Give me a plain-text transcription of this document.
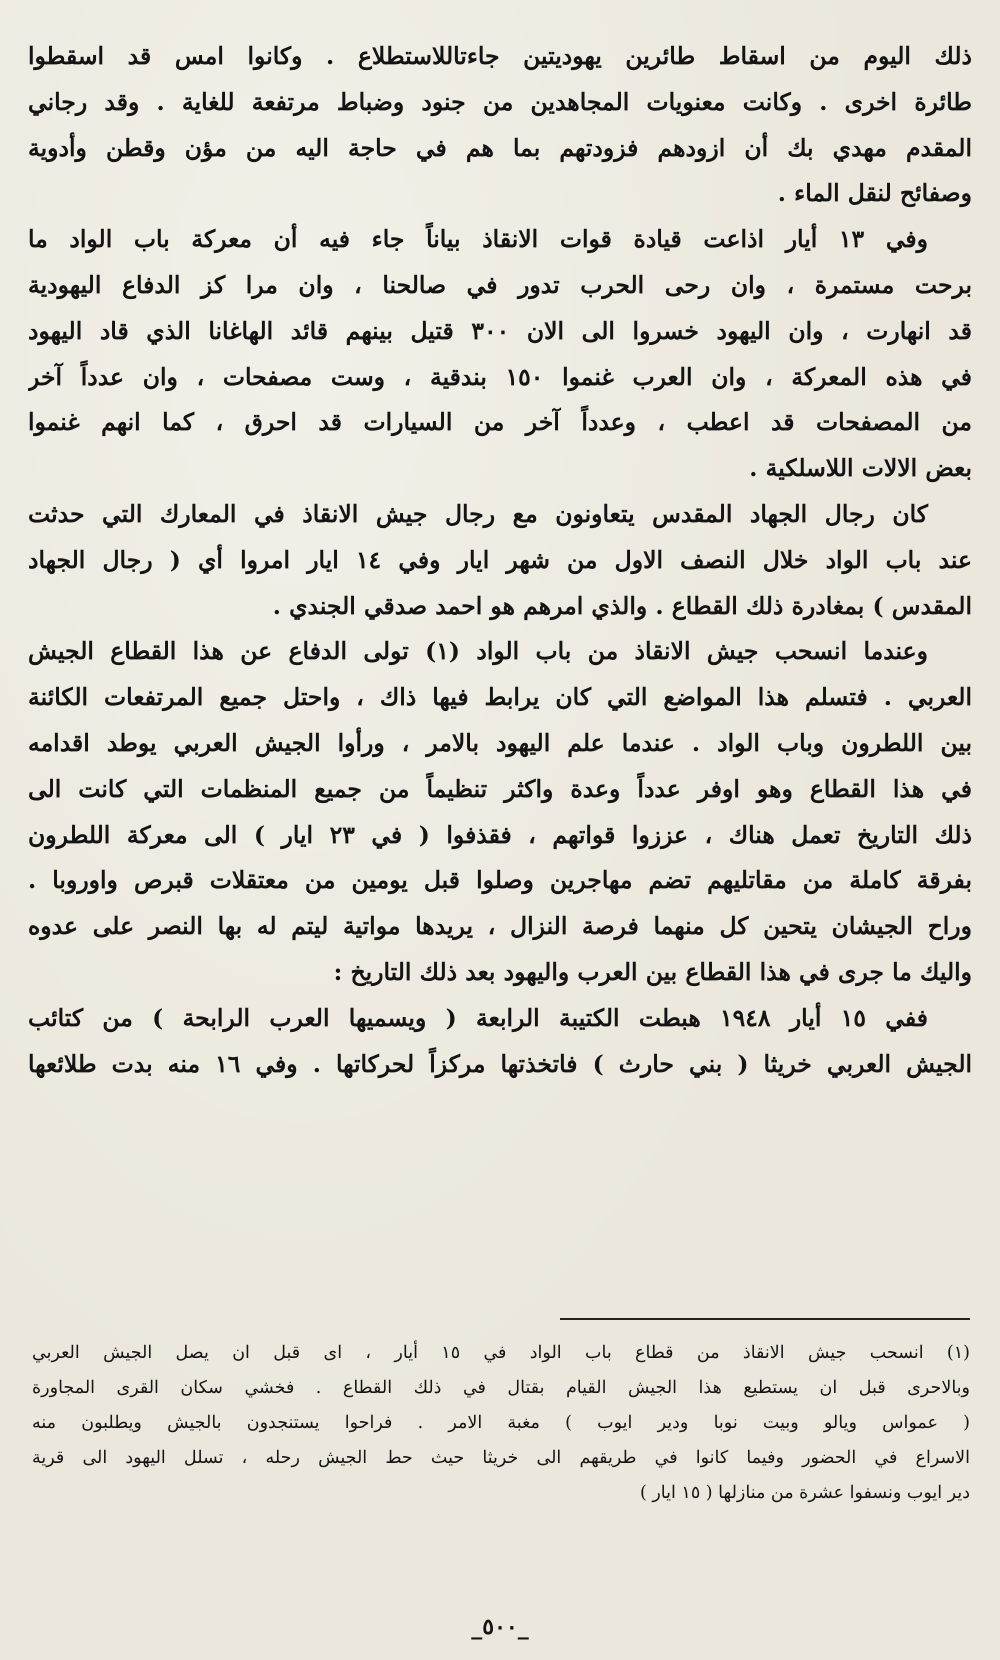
ذلك اليوم من اسقاط طائرين يهوديتين جاءتاللاستطلاع . وكانوا امس قد اسقطوا
طائرة اخرى . وكانت معنويات المجاهدين من جنود وضباط مرتفعة للغاية . وقد رجاني
المقدم مهدي بك أن ازودهم فزودتهم بما هم في حاجة اليه من مؤن وقطن وأدوية
وصفائح لنقل الماء .
وفي ١٣ أيار اذاعت قيادة قوات الانقاذ بياناً جاء فيه أن معركة باب الواد ما
برحت مستمرة ، وان رحى الحرب تدور في صالحنا ، وان مرا كز الدفاع اليهودية
قد انهارت ، وان اليهود خسروا الى الان ٣٠٠ قتيل بينهم قائد الهاغانا الذي قاد اليهود
في هذه المعركة ، وان العرب غنموا ١٥٠ بندقية ، وست مصفحات ، وان عدداً آخر
من المصفحات قد اعطب ، وعدداً آخر من السيارات قد احرق ، كما انهم غنموا
بعض الالات اللاسلكية .
كان رجال الجهاد المقدس يتعاونون مع رجال جيش الانقاذ في المعارك التي حدثت
عند باب الواد خلال النصف الاول من شهر ايار وفي ١٤ ايار امروا أي ( رجال الجهاد
المقدس ) بمغادرة ذلك القطاع . والذي امرهم هو احمد صدقي الجندي .
وعندما انسحب جيش الانقاذ من باب الواد (١) تولى الدفاع عن هذا القطاع الجيش
العربي . فتسلم هذا المواضع التي كان يرابط فيها ذاك ، واحتل جميع المرتفعات الكائنة
بين اللطرون وباب الواد . عندما علم اليهود بالامر ، ورأوا الجيش العربي يوطد اقدامه
في هذا القطاع وهو اوفر عدداً وعدة واكثر تنظيماً من جميع المنظمات التي كانت الى
ذلك التاريخ تعمل هناك ، عززوا قواتهم ، فقذفوا ( في ٢٣ ايار ) الى معركة اللطرون
بفرقة كاملة من مقاتليهم تضم مهاجرين وصلوا قبل يومين من معتقلات قبرص واوروبا .
وراح الجيشان يتحين كل منهما فرصة النزال ، يريدها مواتية ليتم له بها النصر على عدوه
واليك ما جرى في هذا القطاع بين العرب واليهود بعد ذلك التاريخ :
ففي ١٥ أيار ١٩٤٨ هبطت الكتيبة الرابعة ( ويسميها العرب الرابحة ) من كتائب
الجيش العربي خريثا ( بني حارث ) فاتخذتها مركزاً لحركاتها . وفي ١٦ منه بدت طلائعها
(١) انسحب جيش الانقاذ من قطاع باب الواد في ١٥ أيار ، اى قبل ان يصل الجيش العربي
وبالاحرى قبل ان يستطيع هذا الجيش القيام بقتال في ذلك القطاع . فخشي سكان القرى المجاورة
( عمواس ويالو وبيت نوبا ودير ايوب ) مغبة الامر . فراحوا يستنجدون بالجيش ويطلبون منه
الاسراع في الحضور وفيما كانوا في طريقهم الى خريثا حيث حط الجيش رحله ، تسلل اليهود الى قرية
دير ايوب ونسفوا عشرة من منازلها ( ١٥ ايار )
_٥٠٠_
